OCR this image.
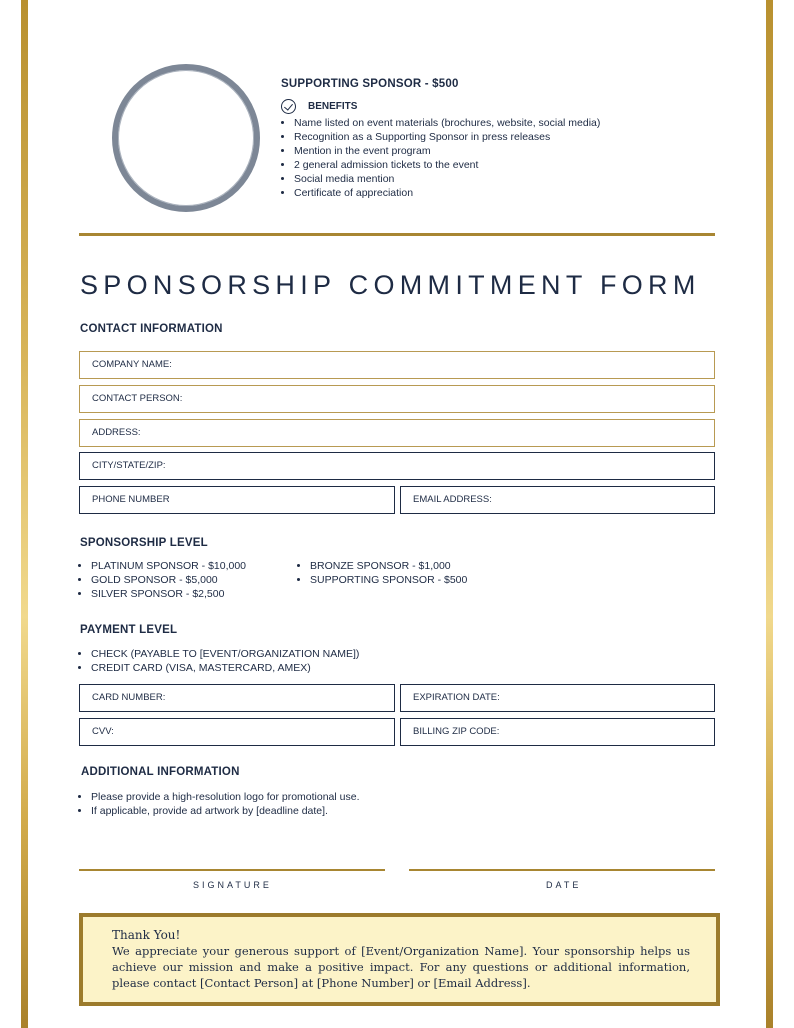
SUPPORTING SPONSOR - $500
BENEFITS
• Name listed on event materials (brochures, website, social media)
• Recognition as a Supporting Sponsor in press releases
• Mention in the event program
• 2 general admission tickets to the event
• Social media mention
• Certificate of appreciation
SPONSORSHIP COMMITMENT FORM
CONTACT INFORMATION
COMPANY NAME:
CONTACT PERSON:
ADDRESS:
CITY/STATE/ZIP:
PHONE NUMBER	EMAIL ADDRESS:
SPONSORSHIP LEVEL
• PLATINUM SPONSOR - $10,000
• GOLD SPONSOR - $5,000
• SILVER SPONSOR - $2,500
• BRONZE SPONSOR - $1,000
• SUPPORTING SPONSOR - $500
PAYMENT LEVEL
• CHECK (PAYABLE TO [EVENT/ORGANIZATION NAME])
• CREDIT CARD (VISA, MASTERCARD, AMEX)
CARD NUMBER:	EXPIRATION DATE:
CVV:	BILLING ZIP CODE:
ADDITIONAL INFORMATION
• Please provide a high-resolution logo for promotional use.
• If applicable, provide ad artwork by [deadline date].
SIGNATURE	DATE
Thank You!
We appreciate your generous support of [Event/Organization Name]. Your sponsorship helps us achieve our mission and make a positive impact. For any questions or additional information, please contact [Contact Person] at [Phone Number] or [Email Address].
